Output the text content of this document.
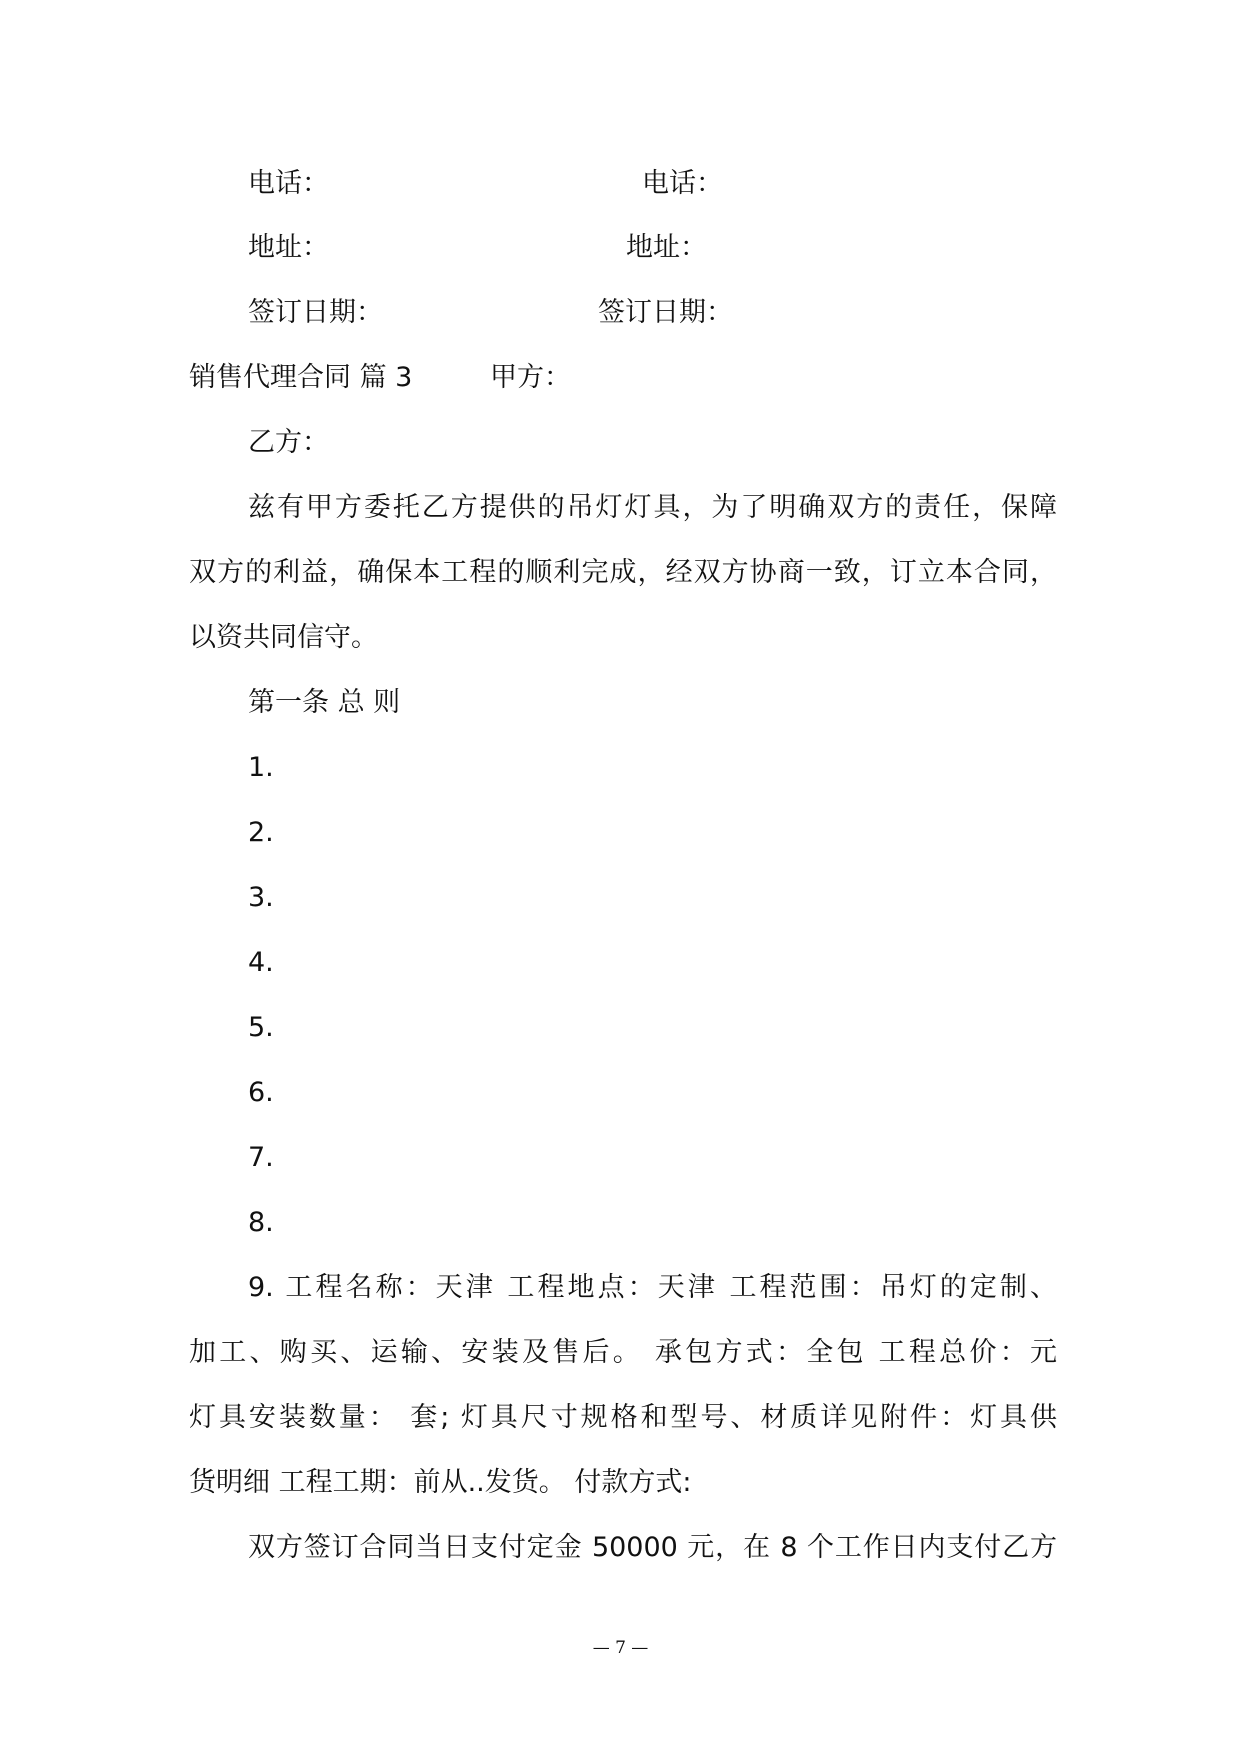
电话：	电话：
地址：	地址：
签订日期：	签订日期：
销售代理合同 篇 3	甲方：
乙方：
兹有甲方委托乙方提供的吊灯灯具，为了明确双方的责任，保障
双方的利益，确保本工程的顺利完成，经双方协商一致，订立本合同，
以资共同信守。
第一条 总 则
1.
2.
3.
4.
5.
6.
7.
8.
9. 工程名称：天津 工程地点：天津 工程范围：吊灯的定制、
加工、购买、运输、安装及售后。 承包方式：全包 工程总价：元
灯具安装数量： 套; 灯具尺寸规格和型号、材质详见附件：灯具供
货明细 工程工期：前从..发货。 付款方式:
双方签订合同当日支付定金 50000 元，在 8 个工作日内支付乙方
— 7 —
